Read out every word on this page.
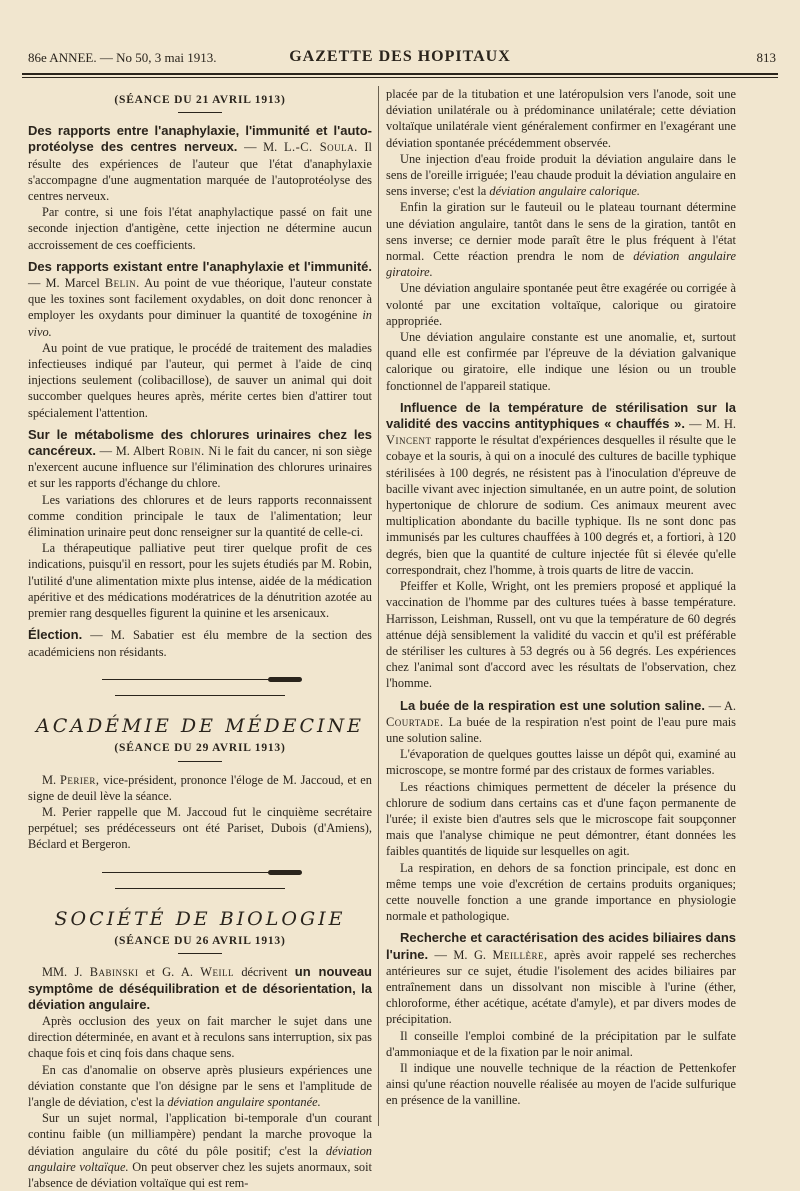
86e ANNEE. — No 50, 3 mai 1913.	GAZETTE DES HOPITAUX	813

(SÉANCE DU 21 AVRIL 1913)

Des rapports entre l'anaphylaxie, l'immunité et l'auto-protéolyse des centres nerveux. — M. L.-C. Soula. Il résulte des expériences de l'auteur que l'état d'anaphylaxie s'accompagne d'une augmentation marquée de l'autoprotéolyse des centres nerveux.

Par contre, si une fois l'état anaphylactique passé on fait une seconde injection d'antigène, cette injection ne détermine aucun accroissement de ces coefficients.

Des rapports existant entre l'anaphylaxie et l'immunité. — M. Marcel Belin. Au point de vue théorique, l'auteur constate que les toxines sont facilement oxydables, on doit donc renoncer à employer les oxydants pour diminuer la quantité de toxogénine in vivo.

Au point de vue pratique, le procédé de traitement des maladies infectieuses indiqué par l'auteur, qui permet à l'aide de cinq injections seulement (colibacillose), de sauver un animal qui doit succomber quelques heures après, mérite certes bien d'attirer tout spécialement l'attention.

Sur le métabolisme des chlorures urinaires chez les cancéreux. — M. Albert Robin. Ni le fait du cancer, ni son siège n'exercent aucune influence sur l'élimination des chlorures urinaires et sur les rapports d'échange du chlore.

Les variations des chlorures et de leurs rapports reconnaissent comme condition principale le taux de l'alimentation; leur élimination urinaire peut donc renseigner sur la quantité de celle-ci.

La thérapeutique palliative peut tirer quelque profit de ces indications, puisqu'il en ressort, pour les sujets étudiés par M. Robin, l'utilité d'une alimentation mixte plus intense, aidée de la médication apéritive et des médications modératrices de la dénutrition azotée au premier rang desquelles figurent la quinine et les arsenicaux.

Élection. — M. Sabatier est élu membre de la section des académiciens non résidants.

ACADÉMIE DE MÉDECINE

(SÉANCE DU 29 AVRIL 1913)

M. Perier, vice-président, prononce l'éloge de M. Jaccoud, et en signe de deuil lève la séance.

M. Perier rappelle que M. Jaccoud fut le cinquième secrétaire perpétuel; ses prédécesseurs ont été Pariset, Dubois (d'Amiens), Béclard et Bergeron.

SOCIÉTÉ DE BIOLOGIE

(SÉANCE DU 26 AVRIL 1913)

MM. J. Babinski et G. A. Weill décrivent un nouveau symptôme de déséquilibration et de désorientation, la déviation angulaire.

Après occlusion des yeux on fait marcher le sujet dans une direction déterminée, en avant et à reculons sans interruption, six pas chaque fois et cinq fois dans chaque sens.

En cas d'anomalie on observe après plusieurs expériences une déviation constante que l'on désigne par le sens et l'amplitude de l'angle de déviation, c'est la déviation angulaire spontanée.

Sur un sujet normal, l'application bi-temporale d'un courant continu faible (un milliampère) pendant la marche provoque la déviation angulaire du côté du pôle positif; c'est la déviation angulaire voltaïque. On peut observer chez les sujets anormaux, soit l'absence de déviation voltaïque qui est rem-

placée par de la titubation et une latéropulsion vers l'anode, soit une déviation unilatérale ou à prédominance unilatérale; cette déviation voltaïque unilatérale vient généralement confirmer en l'exagérant une déviation spontanée précédemment observée.

Une injection d'eau froide produit la déviation angulaire dans le sens de l'oreille irriguée; l'eau chaude produit la déviation angulaire en sens inverse; c'est la déviation angulaire calorique.

Enfin la giration sur le fauteuil ou le plateau tournant détermine une déviation angulaire, tantôt dans le sens de la giration, tantôt en sens inverse; ce dernier mode paraît être le plus fréquent à l'état normal. Cette réaction prendra le nom de déviation angulaire giratoire.

Une déviation angulaire spontanée peut être exagérée ou corrigée à volonté par une excitation voltaïque, calorique ou giratoire appropriée.

Une déviation angulaire constante est une anomalie, et, surtout quand elle est confirmée par l'épreuve de la déviation galvanique calorique ou giratoire, elle indique une lésion ou un trouble fonctionnel de l'appareil statique.

Influence de la température de stérilisation sur la validité des vaccins antityphiques « chauffés ». — M. H. Vincent rapporte le résultat d'expériences desquelles il résulte que le cobaye et la souris, à qui on a inoculé des cultures de bacille typhique stérilisées à 100 degrés, ne résistent pas à l'inoculation d'épreuve de bacille vivant avec injection simultanée, en un autre point, de solution hypertonique de chlorure de sodium. Ces animaux meurent avec multiplication abondante du bacille typhique. Ils ne sont donc pas immunisés par les cultures chauffées à 100 degrés et, a fortiori, à 120 degrés, bien que la quantité de culture injectée fût si élevée qu'elle correspondrait, chez l'homme, à trois quarts de litre de vaccin.

Pfeiffer et Kolle, Wright, ont les premiers proposé et appliqué la vaccination de l'homme par des cultures tuées à basse température. Harrisson, Leishman, Russell, ont vu que la température de 60 degrés atténue déjà sensiblement la validité du vaccin et qu'il est préférable de stériliser les cultures à 53 degrés ou à 56 degrés. Les expériences chez l'animal sont d'accord avec les résultats de l'observation, chez l'homme.

La buée de la respiration est une solution saline. — A. Courtade. La buée de la respiration n'est point de l'eau pure mais une solution saline.

L'évaporation de quelques gouttes laisse un dépôt qui, examiné au microscope, se montre formé par des cristaux de formes variables.

Les réactions chimiques permettent de déceler la présence du chlorure de sodium dans certains cas et d'une façon permanente de l'urée; il existe bien d'autres sels que le microscope fait soupçonner mais que l'analyse chimique ne peut démontrer, étant données les faibles quantités de liquide sur lesquelles on agit.

La respiration, en dehors de sa fonction principale, est donc en même temps une voie d'excrétion de certains produits organiques; cette nouvelle fonction a une grande importance en physiologie normale et pathologique.

Recherche et caractérisation des acides biliaires dans l'urine. — M. G. Meillère, après avoir rappelé ses recherches antérieures sur ce sujet, étudie l'isolement des acides biliaires par entraînement dans un dissolvant non miscible à l'urine (éther, chloroforme, éther acétique, acétate d'amyle), et par divers modes de précipitation.

Il conseille l'emploi combiné de la précipitation par le sulfate d'ammoniaque et de la fixation par le noir animal.

Il indique une nouvelle technique de la réaction de Pettenkofer ainsi qu'une réaction nouvelle réalisée au moyen de l'acide sulfurique en présence de la vanilline.
